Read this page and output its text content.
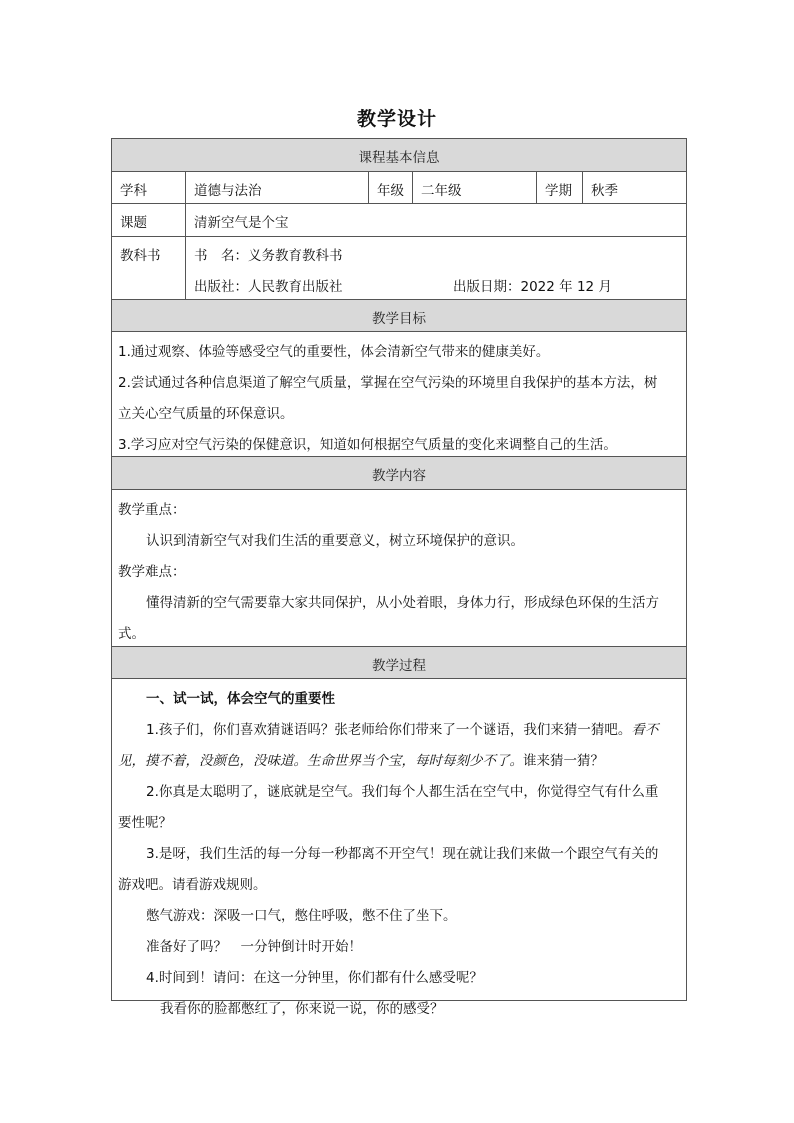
教学设计
课程基本信息
学科	道德与法治	年级 二年级	学期 秋季
课题	清新空气是个宝
教科书 书　名：义务教育教科书
出版社：人民教育出版社	出版日期：2022 年 12 月
教学目标
1.通过观察、体验等感受空气的重要性，体会清新空气带来的健康美好。
2.尝试通过各种信息渠道了解空气质量，掌握在空气污染的环境里自我保护的基本方法，树
立关心空气质量的环保意识。
3.学习应对空气污染的保健意识，知道如何根据空气质量的变化来调整自己的生活。
教学内容
教学重点：
认识到清新空气对我们生活的重要意义，树立环境保护的意识。
教学难点：
懂得清新的空气需要靠大家共同保护，从小处着眼，身体力行，形成绿色环保的生活方
式。
教学过程
一、试一试，体会空气的重要性
1.孩子们，你们喜欢猜谜语吗？张老师给你们带来了一个谜语，我们来猜一猜吧。看不
见，摸不着，没颜色，没味道。生命世界当个宝，每时每刻少不了。谁来猜一猜？
2.你真是太聪明了，谜底就是空气。我们每个人都生活在空气中，你觉得空气有什么重
要性呢？
3.是呀，我们生活的每一分每一秒都离不开空气！现在就让我们来做一个跟空气有关的
游戏吧。请看游戏规则。
憋气游戏：深吸一口气，憋住呼吸，憋不住了坐下。
准备好了吗？　一分钟倒计时开始！
4.时间到！请问：在这一分钟里，你们都有什么感受呢？
我看你的脸都憋红了，你来说一说，你的感受？
